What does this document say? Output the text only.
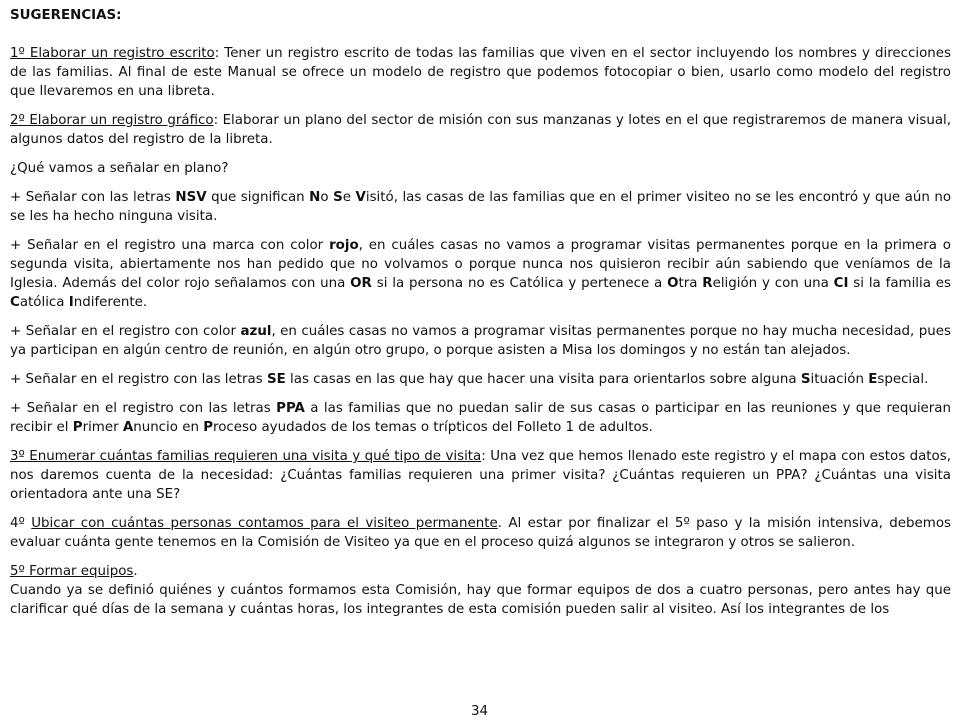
SUGERENCIAS:

1º Elaborar un registro escrito: Tener un registro escrito de todas las familias que viven en el sector incluyendo los nombres y direcciones de las familias. Al final de este Manual se ofrece un modelo de registro que podemos fotocopiar o bien, usarlo como modelo del registro que llevaremos en una libreta.

2º Elaborar un registro gráfico: Elaborar un plano del sector de misión con sus manzanas y lotes en el que registraremos de manera visual, algunos datos del registro de la libreta.

¿Qué vamos a señalar en plano?

+ Señalar con las letras NSV que significan No Se Visitó, las casas de las familias que en el primer visiteo no se les encontró y que aún no se les ha hecho ninguna visita.

+ Señalar en el registro una marca con color rojo, en cuáles casas no vamos a programar visitas permanentes porque en la primera o segunda visita, abiertamente nos han pedido que no volvamos o porque nunca nos quisieron recibir aún sabiendo que veníamos de la Iglesia. Además del color rojo señalamos con una OR si la persona no es Católica y pertenece a Otra Religión y con una CI si la familia es Católica Indiferente.

+ Señalar en el registro con color azul, en cuáles casas no vamos a programar visitas permanentes porque no hay mucha necesidad, pues ya participan en algún centro de reunión, en algún otro grupo, o porque asisten a Misa los domingos y no están tan alejados.

+ Señalar en el registro con las letras SE las casas en las que hay que hacer una visita para orientarlos sobre alguna Situación Especial.

+ Señalar en el registro con las letras PPA a las familias que no puedan salir de sus casas o participar en las reuniones y que requieran recibir el Primer Anuncio en Proceso ayudados de los temas o trípticos del Folleto 1 de adultos.

3º Enumerar cuántas familias requieren una visita y qué tipo de visita: Una vez que hemos llenado este registro y el mapa con estos datos, nos daremos cuenta de la necesidad: ¿Cuántas familias requieren una primer visita? ¿Cuántas requieren un PPA? ¿Cuántas una visita orientadora ante una SE?

4º Ubicar con cuántas personas contamos para el visiteo permanente. Al estar por finalizar el 5º paso y la misión intensiva, debemos evaluar cuánta gente tenemos en la Comisión de Visiteo ya que en el proceso quizá algunos se integraron y otros se salieron.

5º Formar equipos.
Cuando ya se definió quiénes y cuántos formamos esta Comisión, hay que formar equipos de dos a cuatro personas, pero antes hay que clarificar qué días de la semana y cuántas horas, los integrantes de esta comisión pueden salir al visiteo. Así los integrantes de los

34
